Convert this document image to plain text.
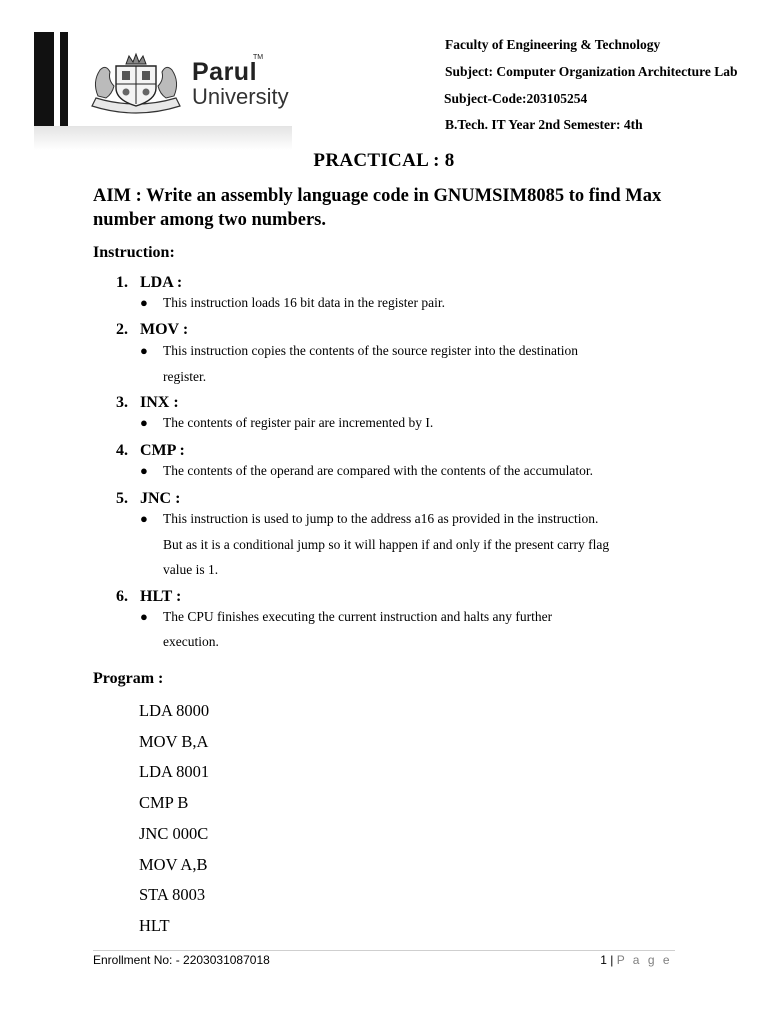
Parul
TM
University
Faculty of Engineering & Technology
Subject: Computer Organization Architecture Lab
Subject-Code:203105254
B.Tech. IT Year 2nd Semester: 4th
PRACTICAL : 8
AIM : Write an assembly language code in GNUMSIM8085 to find Max number among two numbers.
Instruction:
1. LDA :
● This instruction loads 16 bit data in the register pair.
2. MOV :
● This instruction copies the contents of the source register into the destination
register.
3. INX :
● The contents of register pair are incremented by I.
4. CMP :
● The contents of the operand are compared with the contents of the accumulator.
5. JNC :
● This instruction is used to jump to the address a16 as provided in the instruction.
But as it is a conditional jump so it will happen if and only if the present carry flag
value is 1.
6. HLT :
● The CPU finishes executing the current instruction and halts any further
execution.
Program :
LDA 8000
MOV B,A
LDA 8001
CMP B
JNC 000C
MOV A,B
STA 8003
HLT
Enrollment No: - 2203031087018	1 | P a g e
